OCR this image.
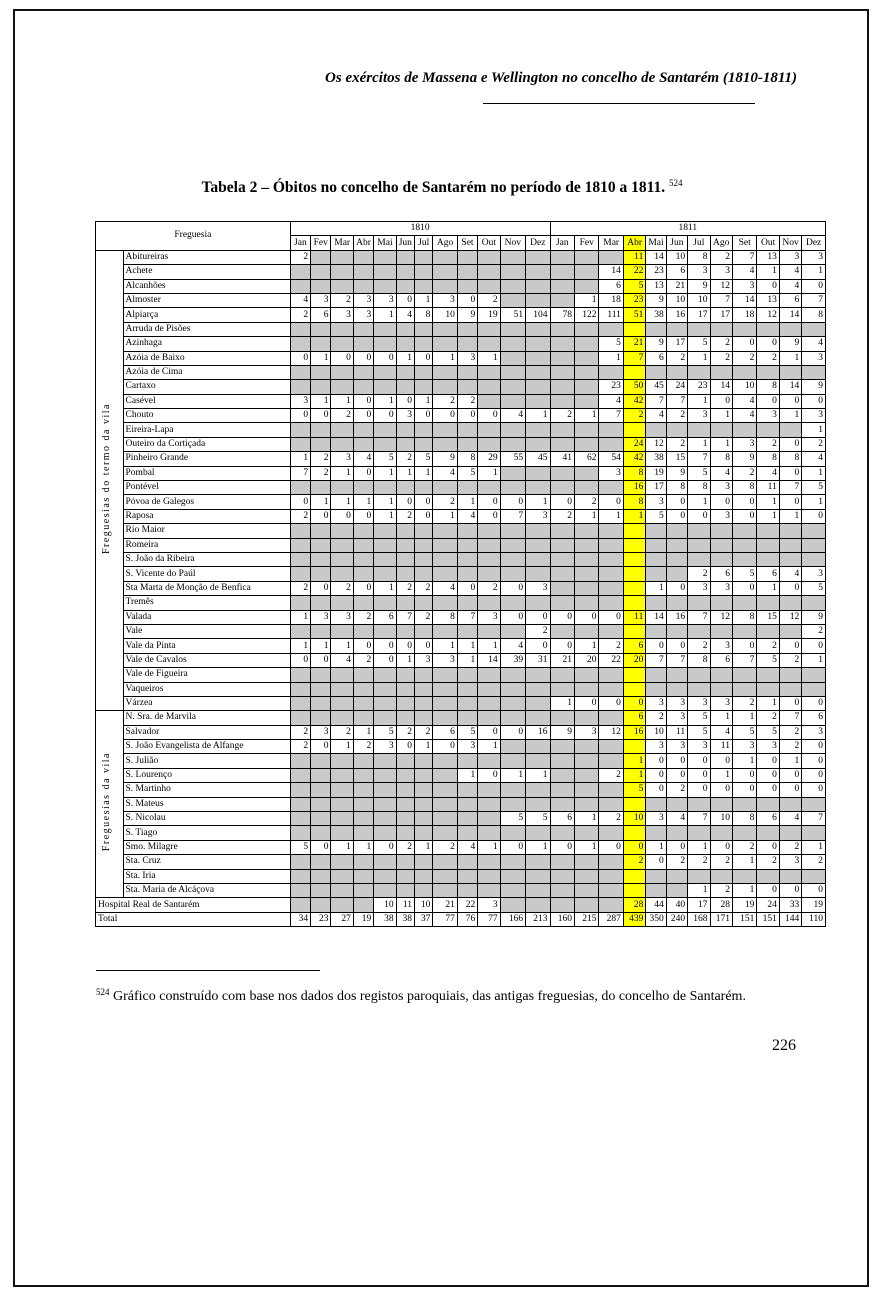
Os exércitos de Massena e Wellington no concelho de Santarém (1810-1811)
Tabela 2 – Óbitos no concelho de Santarém no período de 1810 a 1811. $^{524}$
Freguesia		1810												1811											
		Jan	Fev	Mar	Abr	Mai	Jun	Jul	Ago	Set	Out	Nov	Dez	Jan	Fev	Mar	Abr	Mai	Jun	Jul	Ago	Set	Out	Nov	Dez
Freguesias do termo da vila	Abitureiras	2															11	14	10	8	2	7	13	3	3
	Achete															14	22	23	6	3	3	4	1	4	1
	Alcanhões															6	5	13	21	9	12	3	0	4	0
	Almoster	4	3	2	3	3	0	1	3	0	2				1	18	23	9	10	10	7	14	13	6	7
	Alpiarça	2	6	3	3	1	4	8	10	9	19	51	104	78	122	111	51	38	16	17	17	18	12	14	8
	Arruda de Pisões																								
	Azinhaga															5	21	9	17	5	2	0	0	9	4
	Azóia de Baixo	0	1	0	0	0	1	0	1	3	1					1	7	6	2	1	2	2	2	1	3
	Azóia de Cima																								
	Cartaxo															23	50	45	24	23	14	10	8	14	9
	Casével	3	1	1	0	1	0	1	2	2						4	42	7	7	1	0	4	0	0	0
	Chouto	0	0	2	0	0	3	0	0	0	0	4	1	2	1	7	2	4	2	3	1	4	3	1	3
	Eireira-Lapa																								1
	Outeiro da Cortiçada																24	12	2	1	1	3	2	0	2
	Pinheiro Grande	1	2	3	4	5	2	5	9	8	29	55	45	41	62	54	42	38	15	7	8	9	8	8	4
	Pombal	7	2	1	0	1	1	1	4	5	1					3	8	19	9	5	4	2	4	0	1
	Pontével																16	17	8	8	3	8	11	7	5
	Póvoa de Galegos	0	1	1	1	1	0	0	2	1	0	0	1	0	2	0	8	3	0	1	0	0	1	0	1
	Raposa	2	0	0	0	1	2	0	1	4	0	7	3	2	1	1	1	5	0	0	3	0	1	1	0
	Rio Maior																								
	Romeira																								
	S. João da Ribeira																								
	S. Vicente do Paúl																			2	6	5	6	4	3
	Sta Marta de Monção de Benfica	2	0	2	0	1	2	2	4	0	2	0	3					1	0	3	3	0	1	0	5
	Tremês																								
	Valada	1	3	3	2	6	7	2	8	7	3	0	0	0	0	0	11	14	16	7	12	8	15	12	9
	Vale												2												2
	Vale da Pinta	1	1	1	0	0	0	0	1	1	1	4	0	0	1	2	6	0	0	2	3	0	2	0	0
	Vale de Cavalos	0	0	4	2	0	1	3	3	1	14	39	31	21	20	22	20	7	7	8	6	7	5	2	1
	Vale de Figueira																								
	Vaqueiros																								
	Várzea													1	0	0	0	3	3	3	3	2	1	0	0
Freguesias da vila	N. Sra. de Marvila																6	2	3	5	1	1	2	7	6
	Salvador	2	3	2	1	5	2	2	6	5	0	0	16	9	3	12	16	10	11	5	4	5	5	2	3
	S. João Evangelista de Alfange	2	0	1	2	3	0	1	0	3	1							3	3	3	11	3	3	2	0
	S. Julião																1	0	0	0	0	1	0	1	0
	S. Lourenço									1	0	1	1			2	1	0	0	0	1	0	0	0	0
	S. Martinho																5	0	2	0	0	0	0	0	0
	S. Mateus																								
	S. Nicolau											5	5	6	1	2	10	3	4	7	10	8	6	4	7
	S. Tiago																								
	Smo. Milagre	5	0	1	1	0	2	1	2	4	1	0	1	0	1	0	0	1	0	1	0	2	0	2	1
	Sta. Cruz																2	0	2	2	2	1	2	3	2
	Sta. Iria																								
	Sta. Maria de Alcáçova																			1	2	1	0	0	0
Hospital Real de Santarém						10	11	10	21	22	3						28	44	40	17	28	19	24	33	19
Total		34	23	27	19	38	38	37	77	76	77	166	213	160	215	287	439	350	240	168	171	151	151	144	110
$^{524}$ Gráfico construído com base nos dados dos registos paroquiais, das antigas freguesias, do concelho de Santarém.
226
